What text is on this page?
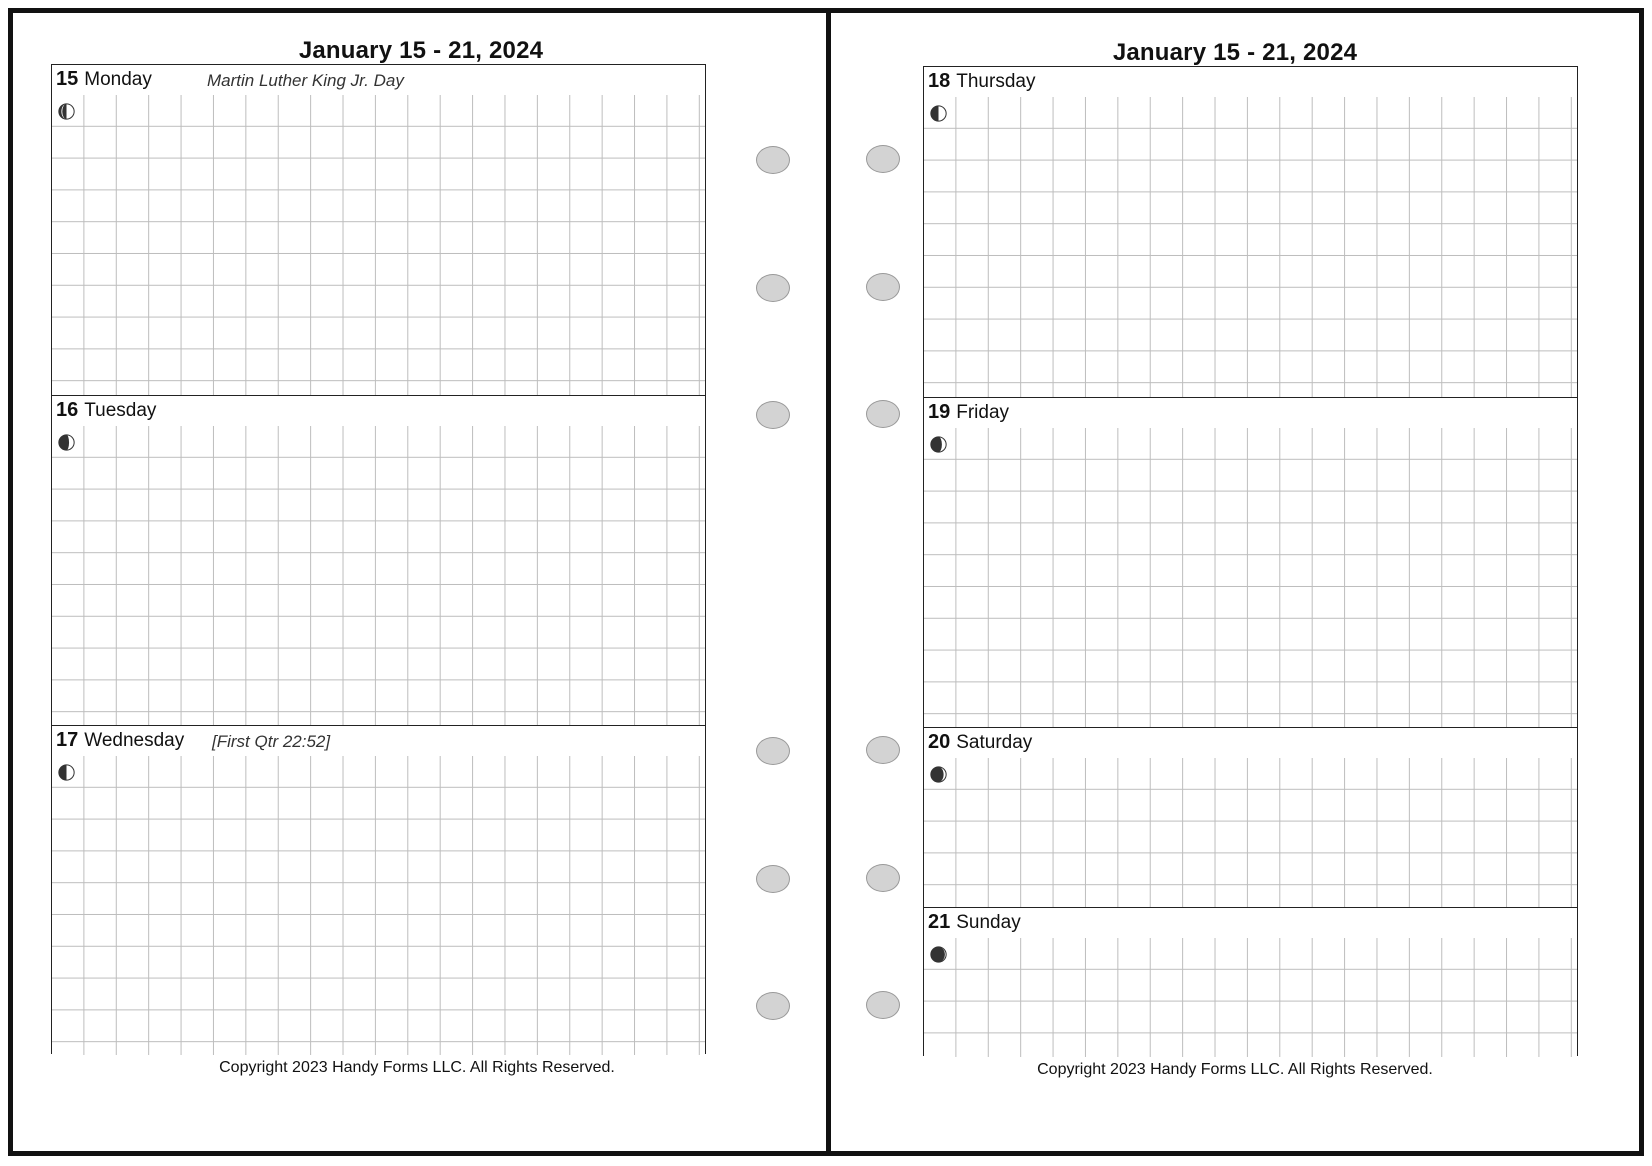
January 15 - 21, 2024
15 Monday	Martin Luther King Jr. Day
16 Tuesday
17 Wednesday [First Qtr 22:52]
Copyright 2023 Handy Forms LLC. All Rights Reserved.
January 15 - 21, 2024
18 Thursday
19 Friday
20 Saturday
21 Sunday
Copyright 2023 Handy Forms LLC. All Rights Reserved.
